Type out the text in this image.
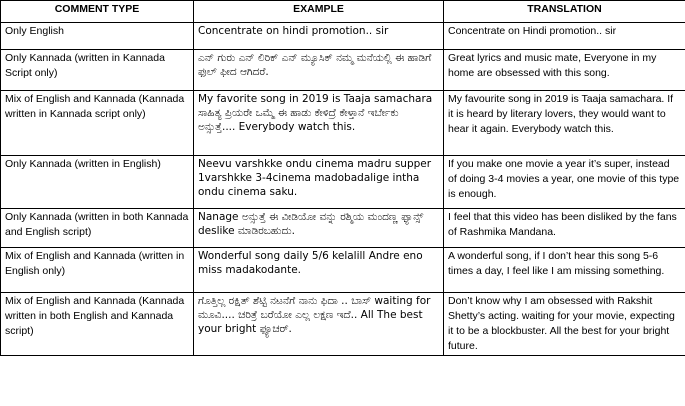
COMMENT TYPE	EXAMPLE	TRANSLATION
Only English	Concentrate on hindi promotion.. sir	Concentrate on Hindi promotion.. sir
Only Kannada (written in Kannada Script only)	ಎನ್ ಗುರು ಎನ್ ಲಿರಿಕ್ ಎನ್ ಮ್ಯೂಸಿಕ್ ನಮ್ಮ ಮನೆಯಲ್ಲಿ ಈ ಹಾಡಿಗೆ ಫುಲ್ ಫೀದ ಆಗಿದರೆ.	Great lyrics and music mate, Everyone in my home are obsessed with this song.
Mix of English and Kannada (Kannada written in Kannada script only)	My favorite song in 2019 is Taaja samachara ಸಾಹಿತ್ಯ ಪ್ರಿಯರೇ ಒಮ್ಮೆ ಈ ಹಾಡು ಕೇಳಿದ್ರೆ ಕೇಳ್ತಾನೆ ಇರ್ಬೇಕು ಅನ್ಸುತ್ತೆ.... Everybody watch this.	My favourite song in 2019 is Taaja samachara. If it is heard by literary lovers, they would want to hear it again. Everybody watch this.
Only Kannada (written in English)	Neevu varshkke ondu cinema madru supper 1varshkke 3-4cinema madobadalige intha ondu cinema saku.	If you make one movie a year it’s super, instead of doing 3-4 movies a year, one movie of this type is enough.
Only Kannada (written in both Kannada and English script)	Nanage ಅನ್ಸುತ್ತೆ ಈ ವೀಡಿಯೋ ವನ್ನು ರಶ್ಮಿಯ ಮಂದಣ್ಣ ಫ್ಯಾನ್ಸ್ deslike ಮಾಡಿರಬಹುದು.	I feel that this video has been disliked by the fans of Rashmika Mandana.
Mix of English and Kannada (written in English only)	Wonderful song daily 5/6 kelalill Andre eno miss madakodante.	A wonderful song, if I don’t hear this song 5-6 times a day, I feel like I am missing something.
Mix of English and Kannada (Kannada written in both English and Kannada script)	ಗೊತ್ತಿಲ್ಲ ರಕ್ಷಿತ್ ಶೆಟ್ಟಿ ನಟನೆಗೆ ನಾನು ಫಿದಾ .. ಬಾಸ್ waiting for ಮೂವಿ.... ಚರಿತ್ರೆ ಬರೆಯೋ ಎಲ್ಲ ಲಕ್ಷಣ ಇದೆ.. All The best your bright ಫ್ಯೂಚರ್.	Don’t know why I am obsessed with Rakshit Shetty’s acting. waiting for your movie, expecting it to be a blockbuster. All the best for your bright future.
